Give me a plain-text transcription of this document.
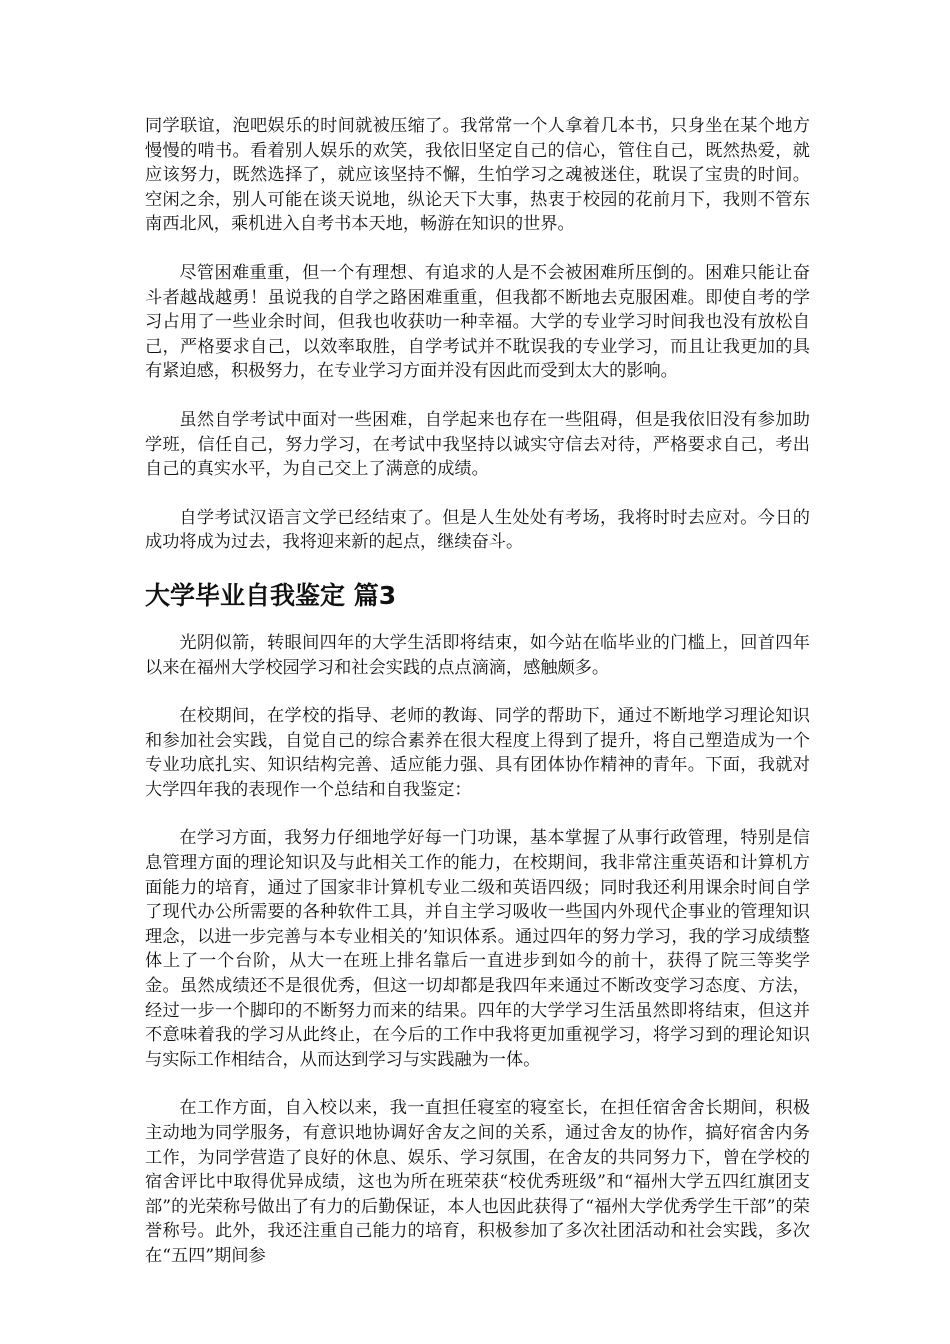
同学联谊，泡吧娱乐的时间就被压缩了。我常常一个人拿着几本书，只身坐在某个地方慢慢的啃书。看着别人娱乐的欢笑，我依旧坚定自己的信心，管住自己，既然热爱，就应该努力，既然选择了，就应该坚持不懈，生怕学习之魂被迷住，耽误了宝贵的时间。空闲之余，别人可能在谈天说地，纵论天下大事，热衷于校园的花前月下，我则不管东南西北风，乘机进入自考书本天地，畅游在知识的世界。

尽管困难重重，但一个有理想、有追求的人是不会被困难所压倒的。困难只能让奋斗者越战越勇！虽说我的自学之路困难重重，但我都不断地去克服困难。即使自考的学习占用了一些业余时间，但我也收获叻一种幸福。大学的专业学习时间我也没有放松自己，严格要求自己，以效率取胜，自学考试并不耽误我的专业学习，而且让我更加的具有紧迫感，积极努力，在专业学习方面并没有因此而受到太大的影响。

虽然自学考试中面对一些困难，自学起来也存在一些阻碍，但是我依旧没有参加助学班，信任自己，努力学习，在考试中我坚持以诚实守信去对待，严格要求自己，考出自己的真实水平，为自己交上了满意的成绩。

自学考试汉语言文学已经结束了。但是人生处处有考场，我将时时去应对。今日的成功将成为过去，我将迎来新的起点，继续奋斗。

大学毕业自我鉴定 篇3

光阴似箭，转眼间四年的大学生活即将结束，如今站在临毕业的门槛上，回首四年以来在福州大学校园学习和社会实践的点点滴滴，感触颇多。

在校期间，在学校的指导、老师的教诲、同学的帮助下，通过不断地学习理论知识和参加社会实践，自觉自己的综合素养在很大程度上得到了提升，将自己塑造成为一个专业功底扎实、知识结构完善、适应能力强、具有团体协作精神的青年。下面，我就对大学四年我的表现作一个总结和自我鉴定：

在学习方面，我努力仔细地学好每一门功课，基本掌握了从事行政管理，特别是信息管理方面的理论知识及与此相关工作的能力，在校期间，我非常注重英语和计算机方面能力的培育，通过了国家非计算机专业二级和英语四级；同时我还利用课余时间自学了现代办公所需要的各种软件工具，并自主学习吸收一些国内外现代企事业的管理知识理念，以进一步完善与本专业相关的’知识体系。通过四年的努力学习，我的学习成绩整体上了一个台阶，从大一在班上排名靠后一直进步到如今的前十，获得了院三等奖学金。虽然成绩还不是很优秀，但这一切却都是我四年来通过不断改变学习态度、方法，经过一步一个脚印的不断努力而来的结果。四年的大学学习生活虽然即将结束，但这并不意味着我的学习从此终止，在今后的工作中我将更加重视学习，将学习到的理论知识与实际工作相结合，从而达到学习与实践融为一体。

在工作方面，自入校以来，我一直担任寝室的寝室长，在担任宿舍舍长期间，积极主动地为同学服务，有意识地协调好舍友之间的关系，通过舍友的协作，搞好宿舍内务工作，为同学营造了良好的休息、娱乐、学习氛围，在舍友的共同努力下，曾在学校的宿舍评比中取得优异成绩，这也为所在班荣获“校优秀班级”和“福州大学五四红旗团支部”的光荣称号做出了有力的后勤保证，本人也因此获得了“福州大学优秀学生干部”的荣誉称号。此外，我还注重自己能力的培育，积极参加了多次社团活动和社会实践，多次在“五四”期间参
